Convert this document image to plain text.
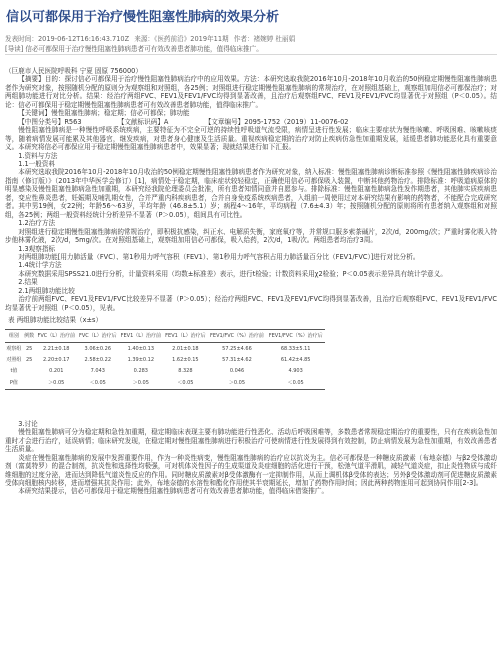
信以可都保用于治疗慢性阻塞性肺病的效果分析
发表时间：2019-06-12T16:16:43.710Z 来源：《医药前沿》2019年11期 作者：褚婉婷 杜丽娟
[导读] 信必可都保用于治疗慢性阻塞性肺病患者可有效改善患者肺功能，值得临床推广。

（巨鹿市人民医院呼吸科 宁夏 固原 756000）

【摘要】目的：探讨信必可都保用于治疗慢性阻塞性肺病治疗中的应用效果。方法：本研究选取我院2016年10月-2018年10月收治的50例稳定期慢性阻塞性肺病患者作为研究对象，按照随机分配的原则分为观察组和对照组，各25例；对照组进行稳定期慢性阻塞性肺病的常规治疗，在对照组基础上，观察组加用信必可都保治疗；对两组肺功能进行对比分析。结果：经治疗两组FVC、FEV1及FEV1/FVC均得到显著改善，且治疗后观察组FVC、FEV1及FEV1/FVC均显著优于对照组（P＜0.05）。结论：信必可都保用于稳定期慢性阻塞性肺病患者可有效改善患者肺功能，值得临床推广。

【关键词】慢性阻塞性肺病；稳定期；信必可都保；肺功能

【中图分类号】R563　　　　　　【文献标识码】A　　　　　　【文章编号】2095-1752（2019）11-0076-02

慢性阻塞性肺病是一种慢性呼吸系统疾病，主要特征为不完全可逆的持续性呼吸道气流受限，病情呈进行性发展；临床主要症状为慢性咳嗽、呼吸困难、咳嗽咳痰等，随着病情发展可能累及其他器官，继发疾病，对患者身心健康及生活质量。重视疾病稳定期的治疗对防止疾病仿急性加重期发展，延缓患者肺功能恶化具有重要意义。本研究将信必可都保应用于稳定期慢性阻塞性肺病患者中，效果显著；现就结果进行如下汇报。

1.资料与方法

1.1一般资料

本研究选取我院2016年10月-2018年10月收治的50例稳定期慢性阻塞性肺病患者作为研究对象，纳入标准：慢性阻塞性肺病诊断标准参照《慢性阻塞性肺疾病诊治指南（修订版）》（2013年中华医学会修订）[1]，病情处于稳定期，临床症状较轻稳定，正确使用信必可都保吸入装置，中断其他药物治疗。排除标准：呼吸道病原体的明显感染及慢性阻塞性肺病急性加重期，本研究经我院伦理委员会批准，所有患者知情同意并自愿参与。排除标准：慢性阻塞性肺病急性发作期患者，其他肺实质疾病患者，变应性鼻炎患者，妊娠期及哺乳期女性，合并严重内科疾病患者，合并自身免疫系统疾病患者，入组前一周使用过对本研究结果有影响的药物者，不能配合完成研究者。其中男19例，女22例；年龄56～63岁，平均年龄（46.8±5.1）岁；病程4～16年，平均病程（7.6±4.3）年；按照随机分配的原则将所有患者纳入观察组和对照组，各25例；两组一般资料经统计分析差异不显著（P＞0.05），组间具有可比性。

1.2治疗方法

对照组进行稳定期慢性阻塞性肺病的常规治疗，即积极抗感染，纠正水、电解质失衡，家庭氧疗等，并常规口服多索茶碱片，2次/d，200mg/次；严重时雾化吸入特步他林雾化液，2次/d，5mg/次。在对照组基础上，观察组加用信必可都保，吸入给药，2次/d，1吸/次。两组患者均治疗3周。

1.3观察指标

对两组肺功能[用力肺活量（FVC）、第1秒用力呼气容积（FEV1）、第1秒用力呼气容积占用力肺活量百分比（FEV1/FVC）]进行对比分析。

1.4统计学方法

本研究数据采用SPSS21.0进行分析，计量资料采用（均数±标准差）表示，进行t检验；计数资料采用χ2检验；P＜0.05表示差异具有统计学意义。

2.结果

2.1两组肺功能比较

治疗前两组FVC、FEV1及FEV1/FVC比较差异不显著（P＞0.05）；经治疗两组FVC、FEV1及FEV1/FVC均得到显著改善，且治疗后观察组FVC、FEV1及FEV1/FVC均显著优于对照组（P＜0.05），见表。

表 两组肺功能比较结果（x±s）
组别	例数	FVC（L）治疗前	FVC（L）治疗后	FEV1（L）治疗前	FEV1（L）治疗后	FEV1/FVC（%）治疗前	FEV1/FVC（%）治疗后
观察组	25	2.21±0.18	3.06±0.26	1.40±0.13	2.01±0.18	57.25±4.66	68.33±5.11
对照组	25	2.20±0.17	2.58±0.22	1.39±0.12	1.62±0.15	57.31±4.62	61.42±4.85
t值		0.201	7.043	0.283	8.328	0.046	4.903
P值		＞0.05	＜0.05	＞0.05	＜0.05	＞0.05	＜0.05

3.讨论

慢性阻塞性肺病可分为稳定期和急性加重期，稳定期临床表现主要有肺功能进行性恶化、活动后呼吸困难等，多数患者常规稳定期治疗的重要性，只有在疾病急性加重时才会进行治疗，延误病情；临床研究发现，在稳定期对慢性阻塞性肺病进行积极治疗可使病情进行性发展得到有效控制，防止病情发展为急性加重期，有效改善患者生活质量。

炎症在慢性阻塞性肺病的发展中发挥重要作用，作为一种炎性病变，慢性阻塞性肺病的治疗应以抗炎为主。信必可都保是一种糖皮质激素（布地奈德）与β2受体激动剂（富莫特罗）的混合制剂，抗炎性和选择性均极强，可对机体炎性因子的生成渠道及炎症细胞的活化进行干预，松弛气道平滑肌，减轻气道炎症，扣止炎性物质与成纤维细胞的过度分泌，进而达到降低气道炎性反应的作用。同时糖皮质激素对β受体激酶有一定抑制作用，从而上调机体β受体的表达；另外β受体激动剂可促进糖皮质激素受体向细胞核内转移，进而增强其抗炎作用；此外，布地奈德的水溶性和酯化作用使其半衰期延长，增加了药物作用时间；因此两种药物连用可起到协同作用[2-3]。

本研究结果提示，信必可都保用于稳定期慢性阻塞性肺病患者可有效改善患者肺功能，值得临床借鉴推广。
